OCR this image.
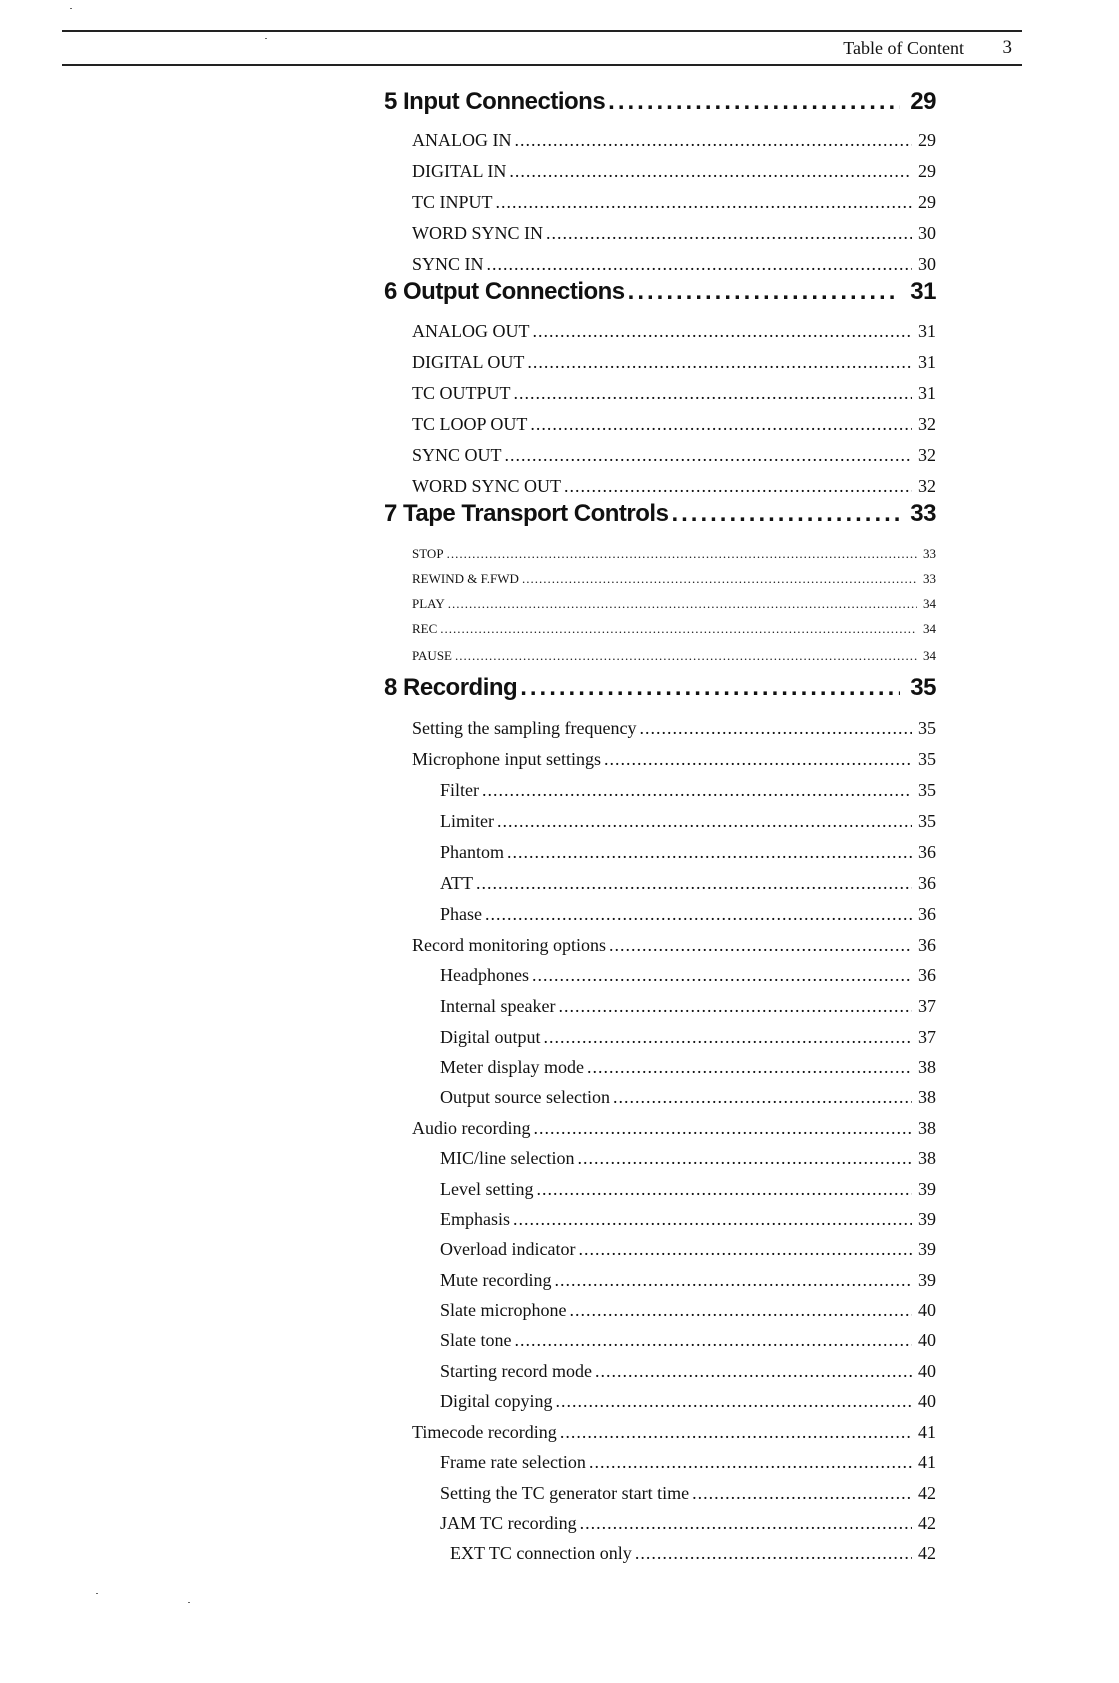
Table of Content 3
5 Input Connections .....	29
ANALOG IN .....	29
DIGITAL IN .....	29
TC INPUT .....	29
WORD SYNC IN .....	30
SYNC IN .....	30
6 Output Connections .....	31
ANALOG OUT .....	31
DIGITAL OUT .....	31
TC OUTPUT .....	31
TC LOOP OUT .....	32
SYNC OUT .....	32
WORD SYNC OUT .....	32
7 Tape Transport Controls .....	33
STOP .....	33
REWIND & F.FWD .....	33
PLAY .....	34
REC .....	34
PAUSE .....	34
8 Recording .....	35
Setting the sampling frequency .....	35
Microphone input settings .....	35
Filter .....	35
Limiter .....	35
Phantom .....	36
ATT .....	36
Phase .....	36
Record monitoring options .....	36
Headphones .....	36
Internal speaker .....	37
Digital output .....	37
Meter display mode .....	38
Output source selection .....	38
Audio recording .....	38
MIC/line selection .....	38
Level setting .....	39
Emphasis .....	39
Overload indicator .....	39
Mute recording .....	39
Slate microphone .....	40
Slate tone .....	40
Starting record mode .....	40
Digital copying .....	40
Timecode recording .....	41
Frame rate selection .....	41
Setting the TC generator start time .....	42
JAM TC recording .....	42
EXT TC connection only .....	42
